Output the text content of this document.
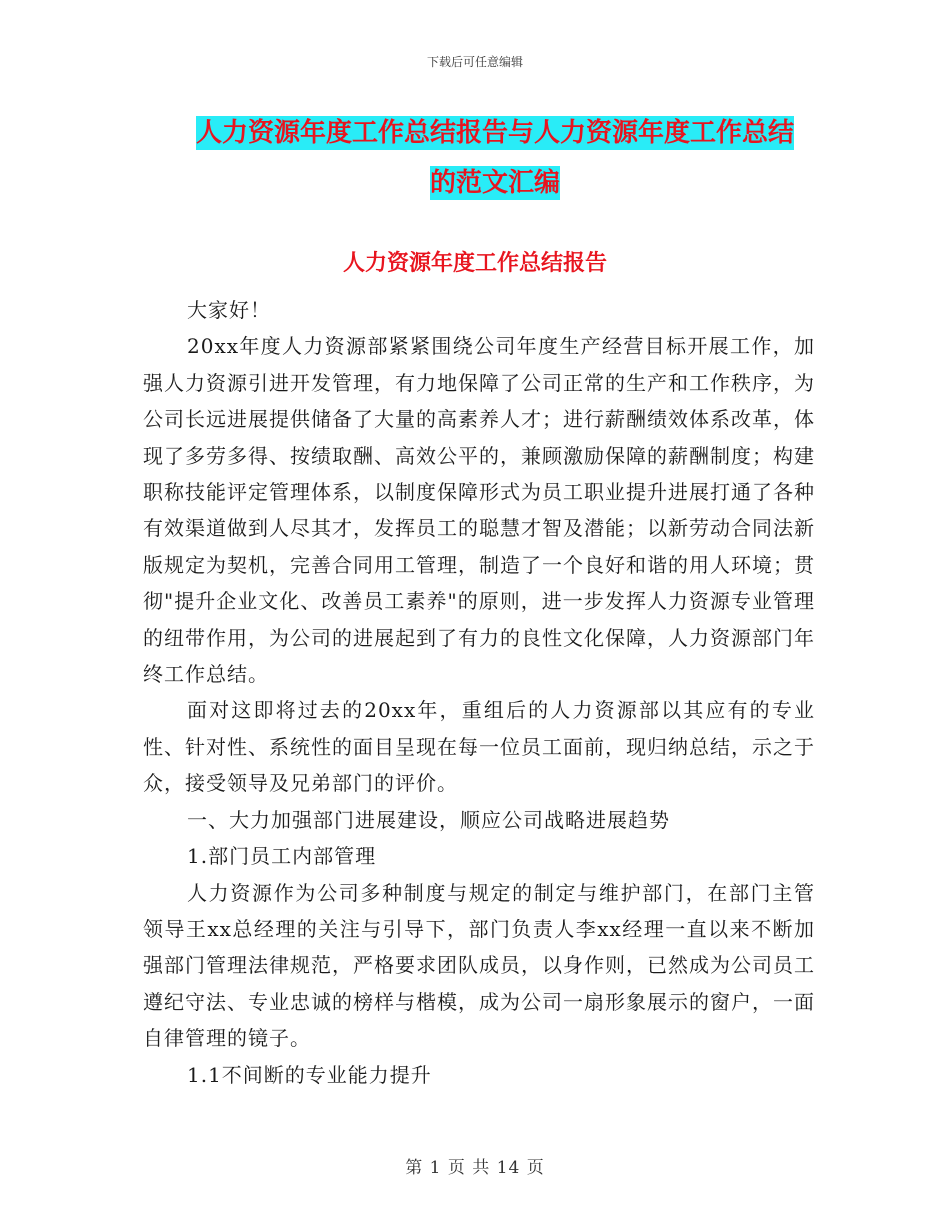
下载后可任意编辑
人力资源年度工作总结报告与人力资源年度工作总结
的范文汇编
人力资源年度工作总结报告

大家好！

20xx年度人力资源部紧紧围绕公司年度生产经营目标开展工作，加强人力资源引进开发管理，有力地保障了公司正常的生产和工作秩序，为公司长远进展提供储备了大量的高素养人才；进行薪酬绩效体系改革，体现了多劳多得、按绩取酬、高效公平的，兼顾激励保障的薪酬制度；构建职称技能评定管理体系，以制度保障形式为员工职业提升进展打通了各种有效渠道做到人尽其才，发挥员工的聪慧才智及潜能；以新劳动合同法新版规定为契机，完善合同用工管理，制造了一个良好和谐的用人环境；贯彻"提升企业文化、改善员工素养"的原则，进一步发挥人力资源专业管理的纽带作用，为公司的进展起到了有力的良性文化保障，人力资源部门年终工作总结。

面对这即将过去的20xx年，重组后的人力资源部以其应有的专业性、针对性、系统性的面目呈现在每一位员工面前，现归纳总结，示之于众，接受领导及兄弟部门的评价。

一、大力加强部门进展建设，顺应公司战略进展趋势

1.部门员工内部管理

人力资源作为公司多种制度与规定的制定与维护部门，在部门主管领导王xx总经理的关注与引导下，部门负责人李xx经理一直以来不断加强部门管理法律规范，严格要求团队成员，以身作则，已然成为公司员工遵纪守法、专业忠诚的榜样与楷模，成为公司一扇形象展示的窗户，一面自律管理的镜子。

1.1不间断的专业能力提升

第 1 页 共 14 页
